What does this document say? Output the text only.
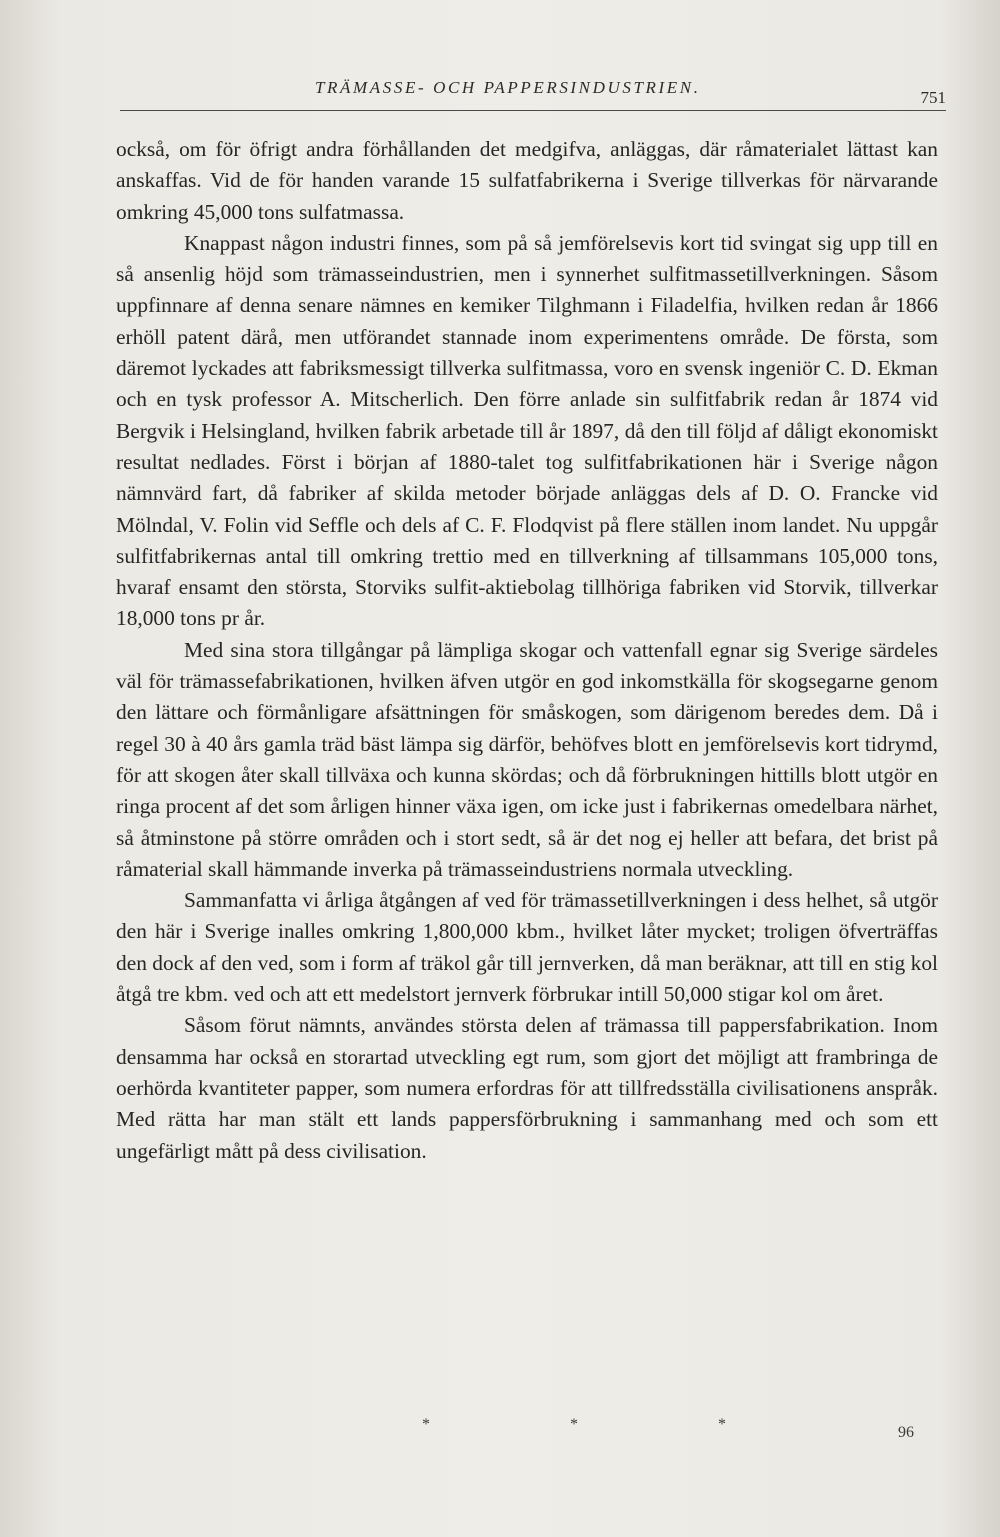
TRÄMASSE- OCH PAPPERSINDUSTRIEN.
751

också, om för öfrigt andra förhållanden det medgifva, anläggas, där råmaterialet lättast kan anskaffas. Vid de för handen varande 15 sulfatfabrikerna i Sverige tillverkas för närvarande omkring 45,000 tons sulfatmassa.

Knappast någon industri finnes, som på så jemförelsevis kort tid svingat sig upp till en så ansenlig höjd som trämasseindustrien, men i synnerhet sulfitmassetillverkningen. Såsom uppfinnare af denna senare nämnes en kemiker Tilghmann i Filadelfia, hvilken redan år 1866 erhöll patent därå, men utförandet stannade inom experimentens område. De första, som däremot lyckades att fabriksmessigt tillverka sulfitmassa, voro en svensk ingeniör C. D. Ekman och en tysk professor A. Mitscherlich. Den förre anlade sin sulfitfabrik redan år 1874 vid Bergvik i Helsingland, hvilken fabrik arbetade till år 1897, då den till följd af dåligt ekonomiskt resultat nedlades. Först i början af 1880-talet tog sulfitfabrikationen här i Sverige någon nämnvärd fart, då fabriker af skilda metoder började anläggas dels af D. O. Francke vid Mölndal, V. Folin vid Seffle och dels af C. F. Flodqvist på flere ställen inom landet. Nu uppgår sulfitfabrikernas antal till omkring trettio med en tillverkning af tillsammans 105,000 tons, hvaraf ensamt den största, Storviks sulfit-aktiebolag tillhöriga fabriken vid Storvik, tillverkar 18,000 tons pr år.

Med sina stora tillgångar på lämpliga skogar och vattenfall egnar sig Sverige särdeles väl för trämassefabrikationen, hvilken äfven utgör en god inkomstkälla för skogsegarne genom den lättare och förmånligare afsättningen för småskogen, som därigenom beredes dem. Då i regel 30 à 40 års gamla träd bäst lämpa sig därför, behöfves blott en jemförelsevis kort tidrymd, för att skogen åter skall tillväxa och kunna skördas; och då förbrukningen hittills blott utgör en ringa procent af det som årligen hinner växa igen, om icke just i fabrikernas omedelbara närhet, så åtminstone på större områden och i stort sedt, så är det nog ej heller att befara, det brist på råmaterial skall hämmande inverka på trämasseindustriens normala utveckling.

Sammanfatta vi årliga åtgången af ved för trämassetillverkningen i dess helhet, så utgör den här i Sverige inalles omkring 1,800,000 kbm., hvilket låter mycket; troligen öfverträffas den dock af den ved, som i form af träkol går till jernverken, då man beräknar, att till en stig kol åtgå tre kbm. ved och att ett medelstort jernverk förbrukar intill 50,000 stigar kol om året.

Såsom förut nämnts, användes största delen af trämassa till pappersfabrikation. Inom densamma har också en storartad utveckling egt rum, som gjort det möjligt att frambringa de oerhörda kvantiteter papper, som numera erfordras för att tillfredsställa civilisationens anspråk. Med rätta har man stält ett lands pappersförbrukning i sammanhang med och som ett ungefärligt mått på dess civilisation.

* * *	96
